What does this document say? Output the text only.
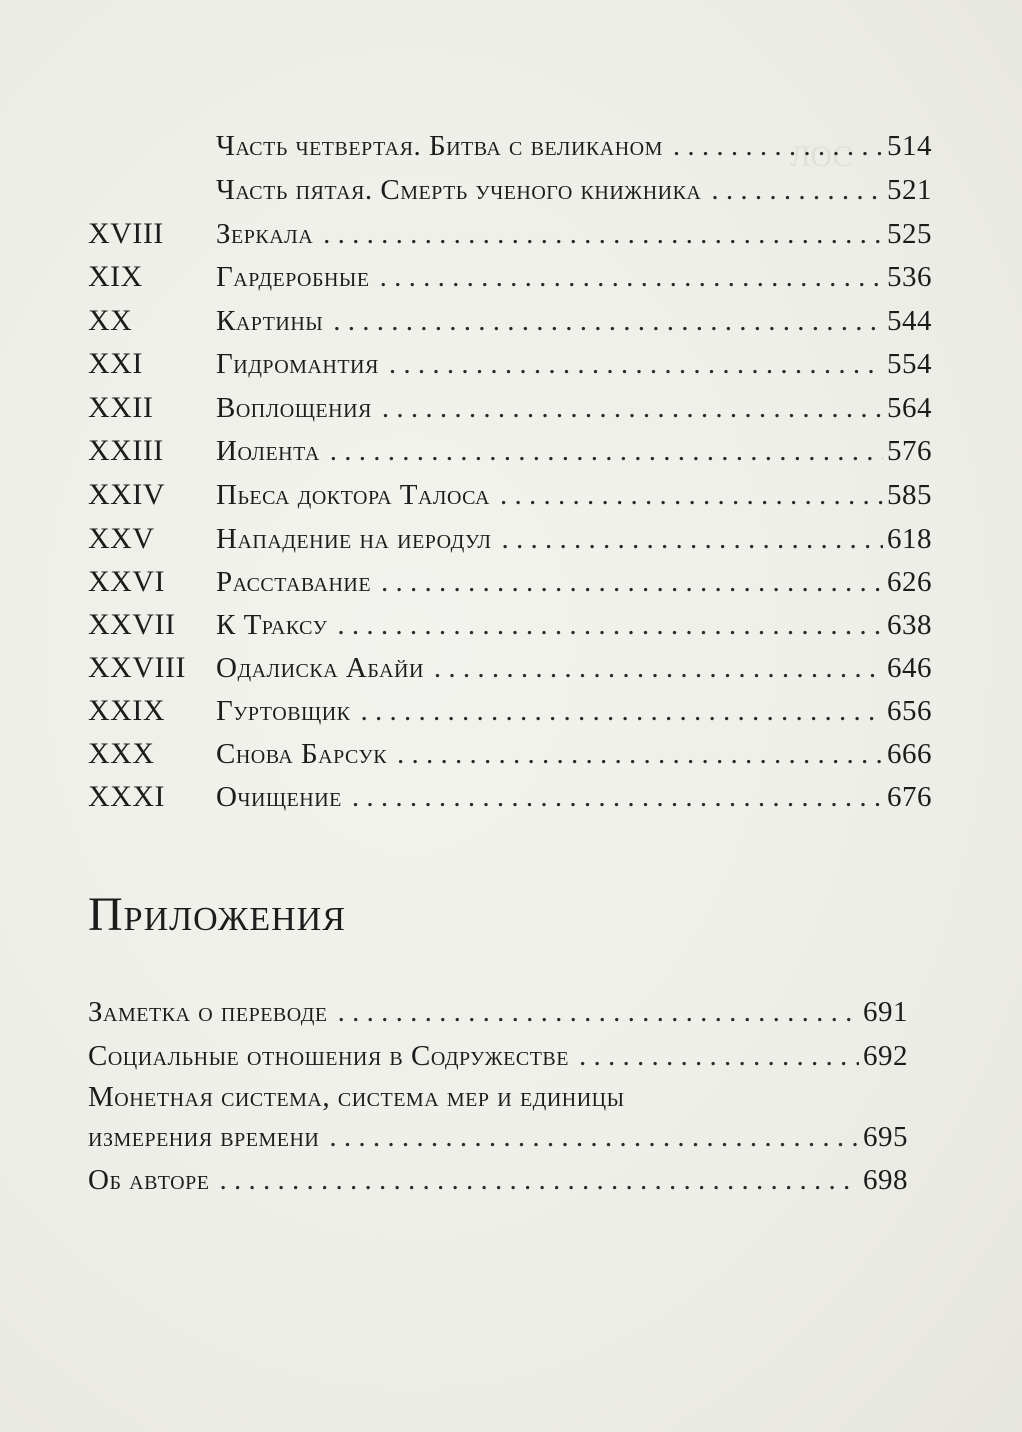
ЛОС
Часть четвертая. Битва с великаном . . .	514
Часть пятая. Смерть ученого книжника . . .	521
XVIII Зеркала . . .	525
XIX	Гардеробные . . .	536
XX	Картины . . .	544
XXI	Гидромантия . . .	554
XXII Воплощения . . .	564
XXIII Иолента . . .	576
XXIV Пьеса доктора Талоса . . .	585
XXV Нападение на иеродул . . .	618
XXVI Расставание . . .	626
XXVII К Траксу . . .	638
XXVIII Одалиска Абайи . . .	646
XXIX Гуртовщик . . .	656
XXX Снова Барсук . . .	666
XXXI Очищение . . .	676
Приложения
Заметка о переводе . . .	691
Социальные отношения в Содружестве . . .	692
Монетная система, система мер и единицы
измерения времени . . .	695
Об авторе . . .	698
